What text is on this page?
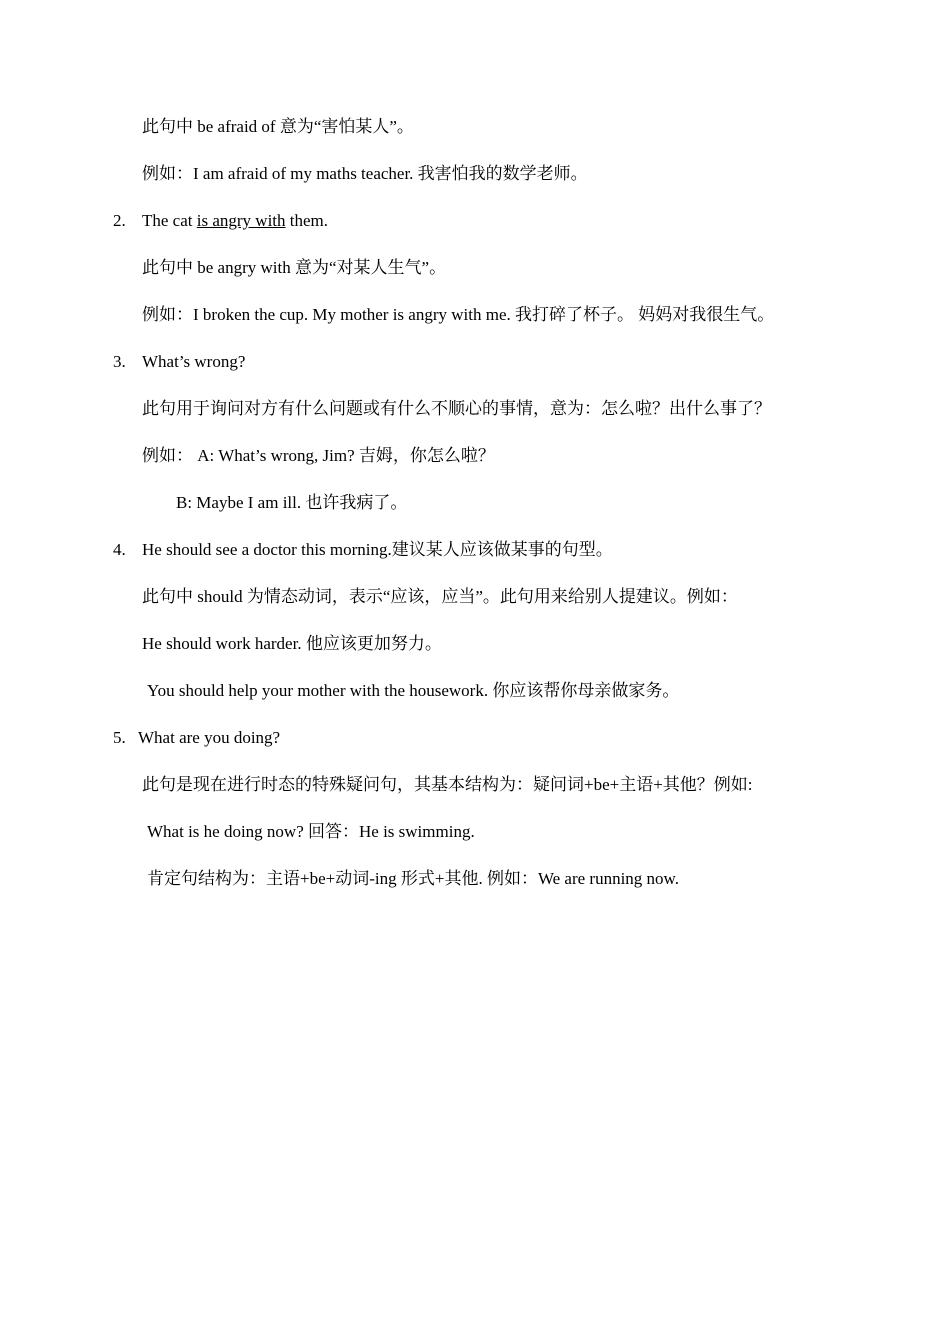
此句中 be afraid of 意为“害怕某人”。
例如：I am afraid of my maths teacher. 我害怕我的数学老师。
2. The cat is angry with them.
此句中 be angry with 意为“对某人生气”。
例如：I broken the cup. My mother is angry with me. 我打碎了杯子。 妈妈对我很生气。
3. What’s wrong?
此句用于询问对方有什么问题或有什么不顺心的事情，意为：怎么啦？出什么事了？
例如： A: What’s wrong, Jim? 吉姆，你怎么啦？
B: Maybe I am ill. 也许我病了。
4. He should see a doctor this morning.建议某人应该做某事的句型。
此句中 should 为情态动词，表示“应该，应当”。此句用来给别人提建议。例如：
He should work harder. 他应该更加努力。
You should help your mother with the housework. 你应该帮你母亲做家务。
5. What are you doing?
此句是现在进行时态的特殊疑问句，其基本结构为：疑问词+be+主语+其他？例如:
What is he doing now? 回答：He is swimming.
肯定句结构为：主语+be+动词-ing 形式+其他. 例如：We are running now.
